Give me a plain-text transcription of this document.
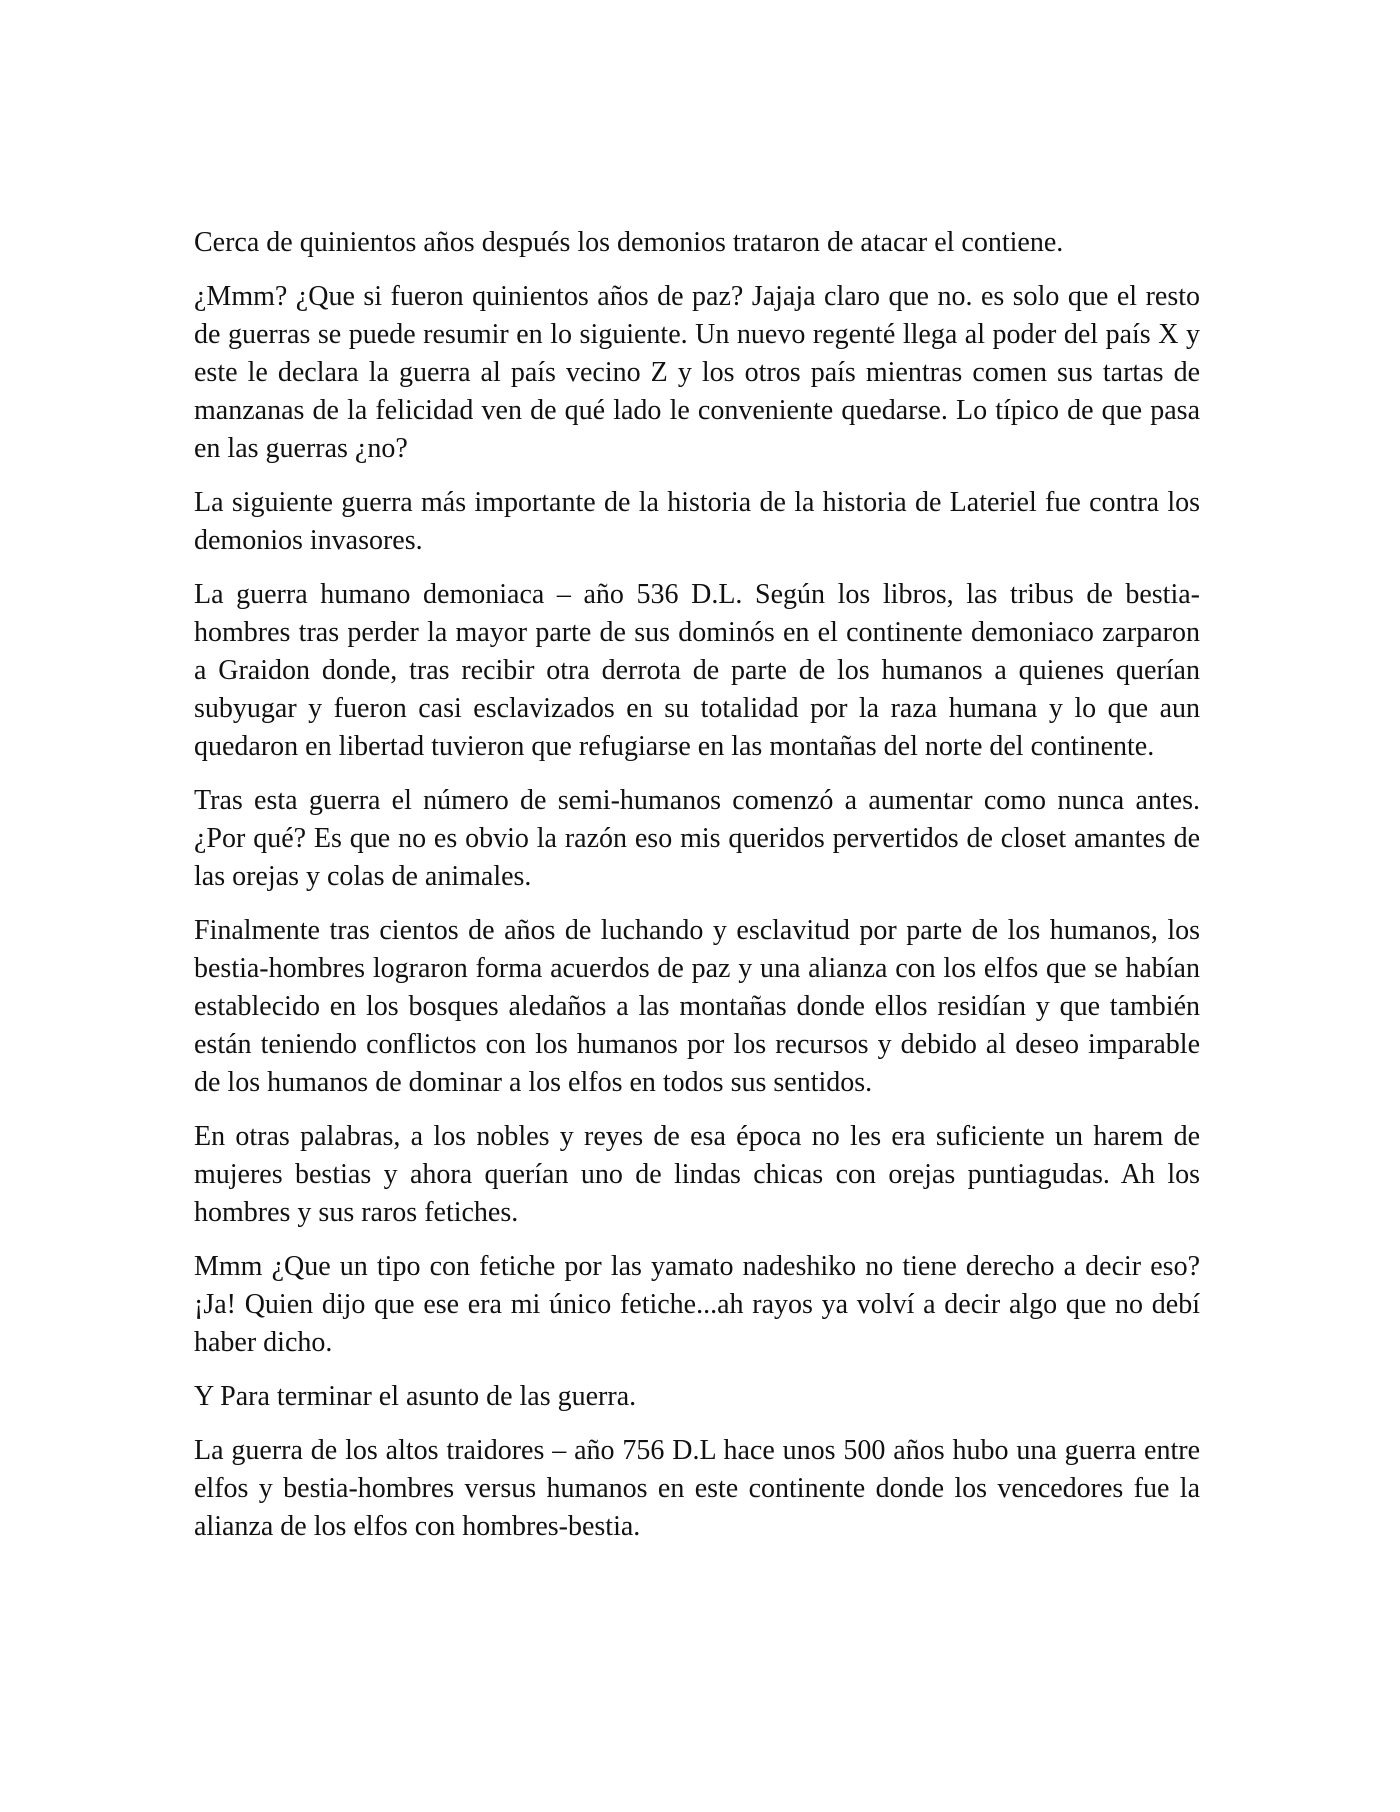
Cerca de quinientos años después los demonios trataron de atacar el contiene.

¿Mmm? ¿Que si fueron quinientos años de paz? Jajaja claro que no. es solo que el resto de guerras se puede resumir en lo siguiente. Un nuevo regenté llega al poder del país X y este le declara la guerra al país vecino Z y los otros país mientras comen sus tartas de manzanas de la felicidad ven de qué lado le conveniente quedarse. Lo típico de que pasa en las guerras ¿no?

La siguiente guerra más importante de la historia de la historia de Lateriel fue contra los demonios invasores.

La guerra humano demoniaca – año 536 D.L. Según los libros, las tribus de bestia-hombres tras perder la mayor parte de sus dominós en el continente demoniaco zarparon a Graidon donde, tras recibir otra derrota de parte de los humanos a quienes querían subyugar y fueron casi esclavizados en su totalidad por la raza humana y lo que aun quedaron en libertad tuvieron que refugiarse en las montañas del norte del continente.

Tras esta guerra el número de semi-humanos comenzó a aumentar como nunca antes. ¿Por qué? Es que no es obvio la razón eso mis queridos pervertidos de closet amantes de las orejas y colas de animales.

Finalmente tras cientos de años de luchando y esclavitud por parte de los humanos, los bestia-hombres lograron forma acuerdos de paz y una alianza con los elfos que se habían establecido en los bosques aledaños a las montañas donde ellos residían y que también están teniendo conflictos con los humanos por los recursos y debido al deseo imparable de los humanos de dominar a los elfos en todos sus sentidos.

En otras palabras, a los nobles y reyes de esa época no les era suficiente un harem de mujeres bestias y ahora querían uno de lindas chicas con orejas puntiagudas. Ah los hombres y sus raros fetiches.

Mmm ¿Que un tipo con fetiche por las yamato nadeshiko no tiene derecho a decir eso? ¡Ja! Quien dijo que ese era mi único fetiche...ah rayos ya volví a decir algo que no debí haber dicho.

Y Para terminar el asunto de las guerra.

La guerra de los altos traidores – año 756 D.L hace unos 500 años hubo una guerra entre elfos y bestia-hombres versus humanos en este continente donde los vencedores fue la alianza de los elfos con hombres-bestia.
